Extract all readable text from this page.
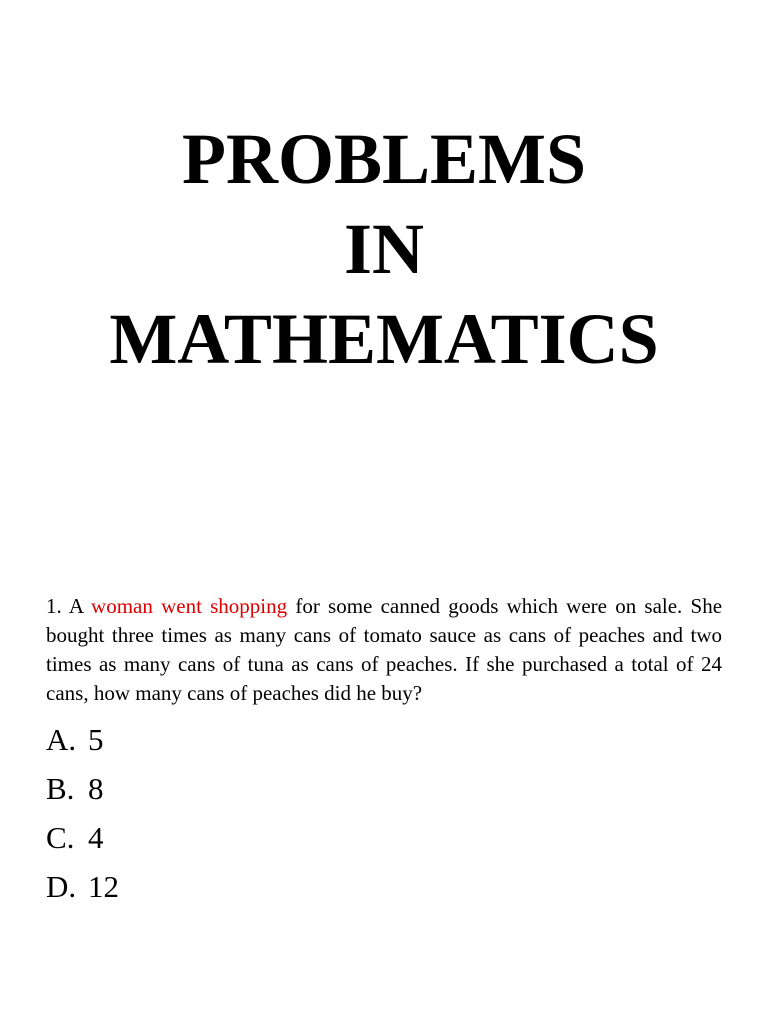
PROBLEMS
IN
MATHEMATICS

1. A woman went shopping for some canned goods which were on sale. She bought three times as many cans of tomato sauce as cans of peaches and two times as many cans of tuna as cans of peaches. If she purchased a total of 24 cans, how many cans of peaches did he buy?

A. 5
B. 8
C. 4
D. 12
